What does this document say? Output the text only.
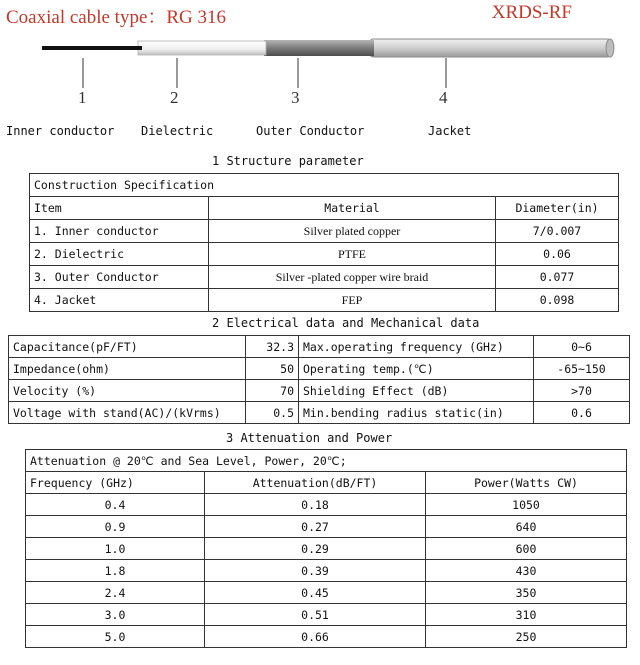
Coaxial cable type：RG 316	XRDS-RF
1	2	3	4
Inner conductor Dielectric	Outer Conductor	Jacket
1 Structure parameter
Construction Specification		
Item	Material	Diameter(in)
1. Inner conductor	Silver plated copper	7/0.007
2. Dielectric	PTFE	0.06
3. Outer Conductor	Silver -plated copper wire braid	0.077
4. Jacket	FEP	0.098
2 Electrical data and Mechanical data
Capacitance(pF/FT)	32.3	Max.operating frequency (GHz)	0~6
Impedance(ohm)	50	Operating temp.(℃)	-65~150
Velocity (%)	70	Shielding Effect (dB)	>70
Voltage with stand(AC)/(kVrms)	0.5	Min.bending radius static(in)	0.6
3 Attenuation and Power
Attenuation @ 20℃ and Sea Level, Power, 20℃;		
Frequency (GHz)	Attenuation(dB/FT)	Power(Watts CW)
0.4	0.18	1050
0.9	0.27	640
1.0	0.29	600
1.8	0.39	430
2.4	0.45	350
3.0	0.51	310
5.0	0.66	250
